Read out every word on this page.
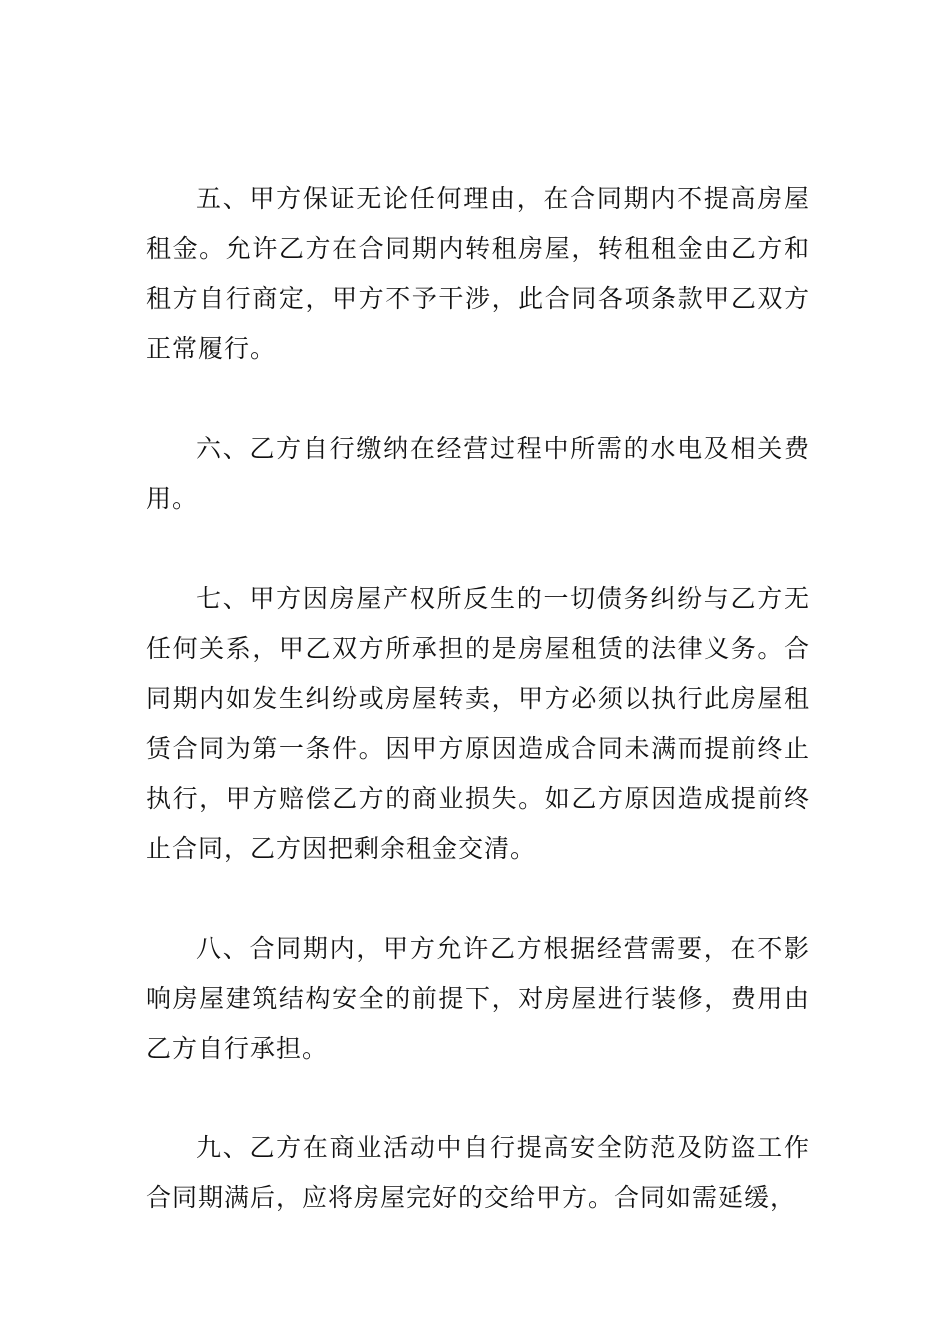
五、甲方保证无论任何理由，在合同期内不提高房屋租金。允许乙方在合同期内转租房屋，转租租金由乙方和租方自行商定，甲方不予干涉，此合同各项条款甲乙双方正常履行。

六、乙方自行缴纳在经营过程中所需的水电及相关费用。

七、甲方因房屋产权所反生的一切债务纠纷与乙方无任何关系，甲乙双方所承担的是房屋租赁的法律义务。合同期内如发生纠纷或房屋转卖，甲方必须以执行此房屋租赁合同为第一条件。因甲方原因造成合同未满而提前终止执行，甲方赔偿乙方的商业损失。如乙方原因造成提前终止合同，乙方因把剩余租金交清。

八、合同期内，甲方允许乙方根据经营需要，在不影响房屋建筑结构安全的前提下，对房屋进行装修，费用由乙方自行承担。

九、乙方在商业活动中自行提高安全防范及防盗工作合同期满后，应将房屋完好的交给甲方。合同如需延缓，
